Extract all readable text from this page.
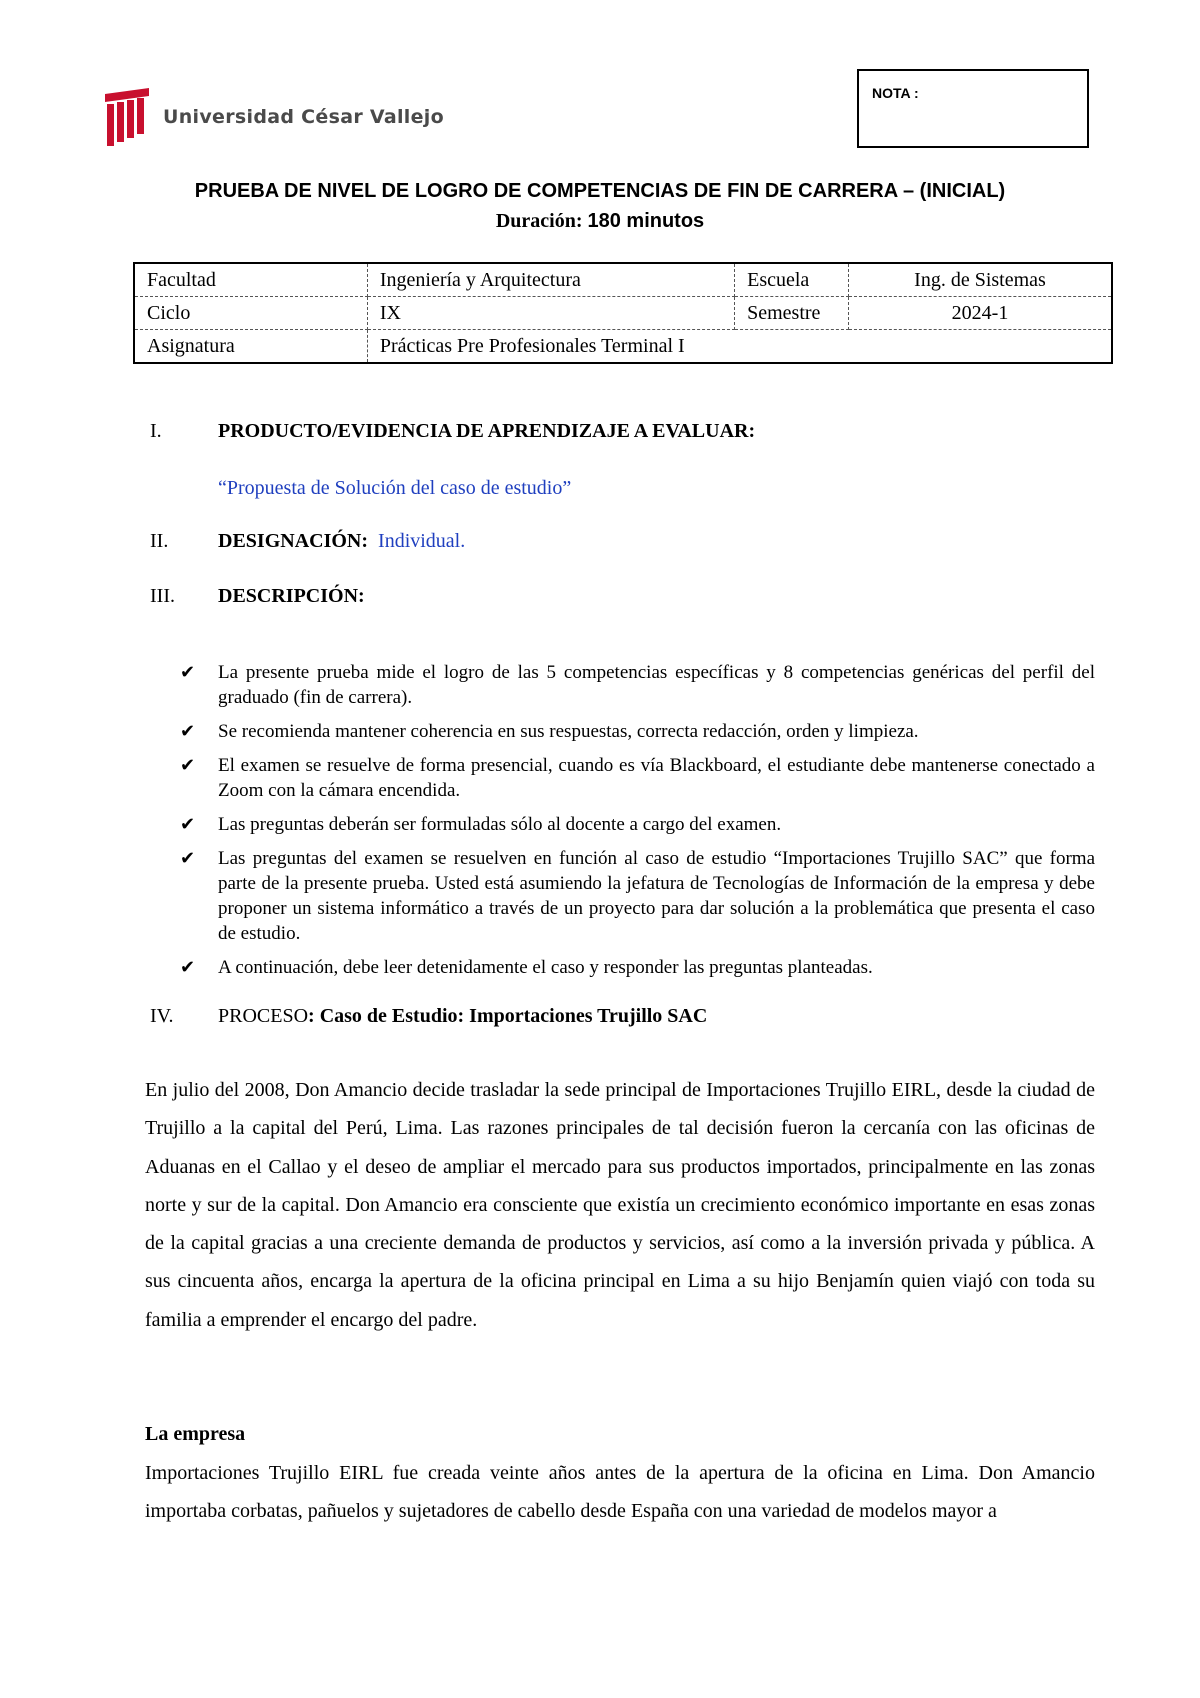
Universidad César Vallejo
NOTA :
PRUEBA DE NIVEL DE LOGRO DE COMPETENCIAS DE FIN DE CARRERA – (INICIAL)
Duración: 180 minutos
Facultad	Ingeniería y Arquitectura	Escuela	Ing. de Sistemas
Ciclo	IX	Semestre	2024-1
Asignatura	Prácticas Pre Profesionales Terminal I		
I.	PRODUCTO/EVIDENCIA DE APRENDIZAJE A EVALUAR:
“Propuesta de Solución del caso de estudio”
II.	DESIGNACIÓN: Individual.
III.	DESCRIPCIÓN:
✔ La presente prueba mide el logro de las 5 competencias específicas y 8 competencias genéricas del perfil del graduado (fin de carrera).
✔ Se recomienda mantener coherencia en sus respuestas, correcta redacción, orden y limpieza.
✔ El examen se resuelve de forma presencial, cuando es vía Blackboard, el estudiante debe mantenerse conectado a Zoom con la cámara encendida.
✔ Las preguntas deberán ser formuladas sólo al docente a cargo del examen.
✔ Las preguntas del examen se resuelven en función al caso de estudio “Importaciones Trujillo SAC” que forma parte de la presente prueba. Usted está asumiendo la jefatura de Tecnologías de Información de la empresa y debe proponer un sistema informático a través de un proyecto para dar solución a la problemática que presenta el caso de estudio.
✔ A continuación, debe leer detenidamente el caso y responder las preguntas planteadas.
IV.	PROCESO: Caso de Estudio: Importaciones Trujillo SAC
En julio del 2008, Don Amancio decide trasladar la sede principal de Importaciones Trujillo EIRL, desde la ciudad de Trujillo a la capital del Perú, Lima. Las razones principales de tal decisión fueron la cercanía con las oficinas de Aduanas en el Callao y el deseo de ampliar el mercado para sus productos importados, principalmente en las zonas norte y sur de la capital. Don Amancio era consciente que existía un crecimiento económico importante en esas zonas de la capital gracias a una creciente demanda de productos y servicios, así como a la inversión privada y pública. A sus cincuenta años, encarga la apertura de la oficina principal en Lima a su hijo Benjamín quien viajó con toda su familia a emprender el encargo del padre.
La empresa
Importaciones Trujillo EIRL fue creada veinte años antes de la apertura de la oficina en Lima. Don Amancio importaba corbatas, pañuelos y sujetadores de cabello desde España con una variedad de modelos mayor a
